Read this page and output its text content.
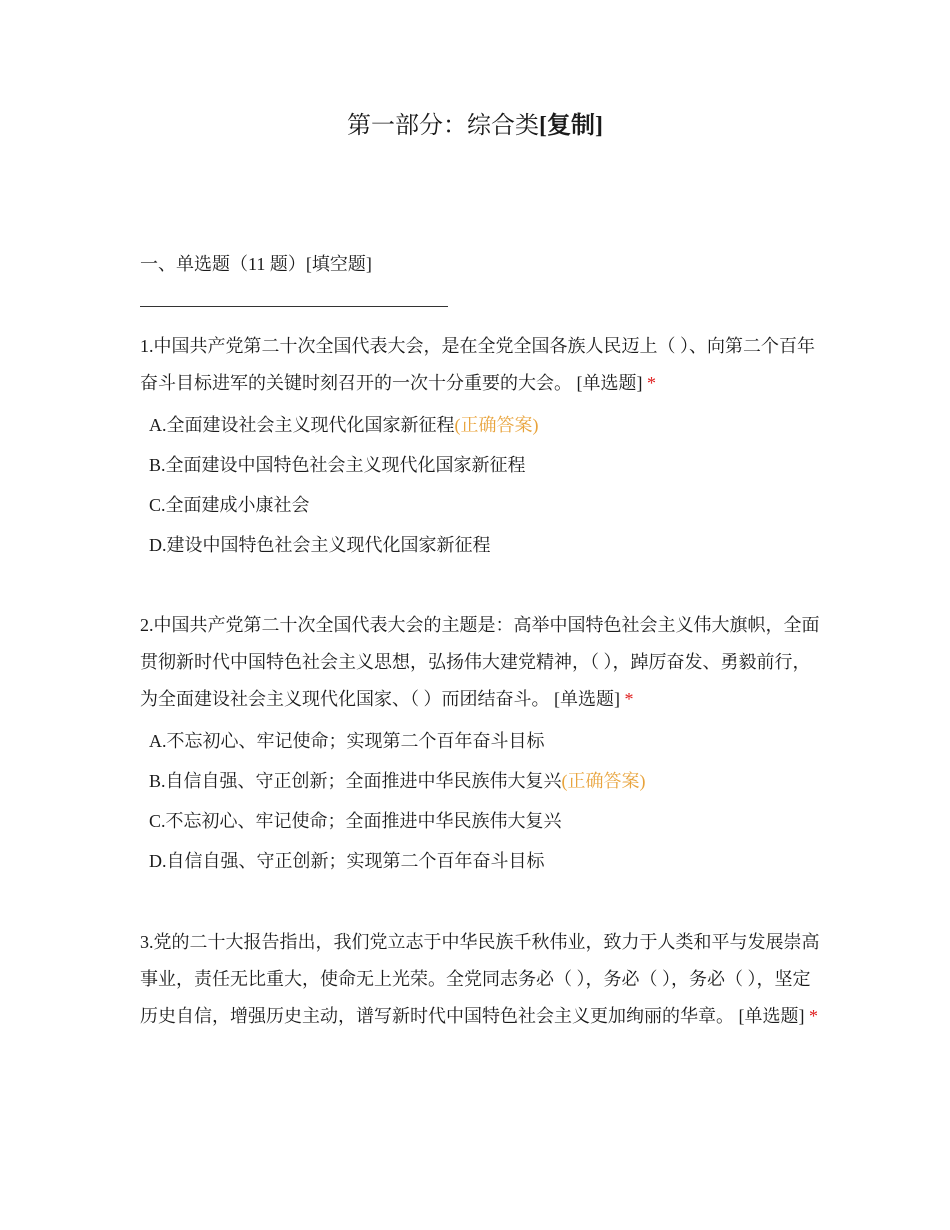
第一部分：综合类[复制]
一、单选题（11 题）[填空题]

1.中国共产党第二十次全国代表大会，是在全党全国各族人民迈上（ ）、向第二个百年奋斗目标进军的关键时刻召开的一次十分重要的大会。 [单选题] *

A.全面建设社会主义现代化国家新征程(正确答案)
B.全面建设中国特色社会主义现代化国家新征程
C.全面建成小康社会
D.建设中国特色社会主义现代化国家新征程

2.中国共产党第二十次全国代表大会的主题是：高举中国特色社会主义伟大旗帜，全面贯彻新时代中国特色社会主义思想，弘扬伟大建党精神，（ ），踔厉奋发、勇毅前行，为全面建设社会主义现代化国家、（ ）而团结奋斗。 [单选题] *

A.不忘初心、牢记使命；实现第二个百年奋斗目标
B.自信自强、守正创新；全面推进中华民族伟大复兴(正确答案)
C.不忘初心、牢记使命；全面推进中华民族伟大复兴
D.自信自强、守正创新；实现第二个百年奋斗目标

3.党的二十大报告指出，我们党立志于中华民族千秋伟业，致力于人类和平与发展崇高事业，责任无比重大，使命无上光荣。全党同志务必（ ），务必（ ），务必（ ），坚定历史自信，增强历史主动，谱写新时代中国特色社会主义更加绚丽的华章。 [单选题] *
